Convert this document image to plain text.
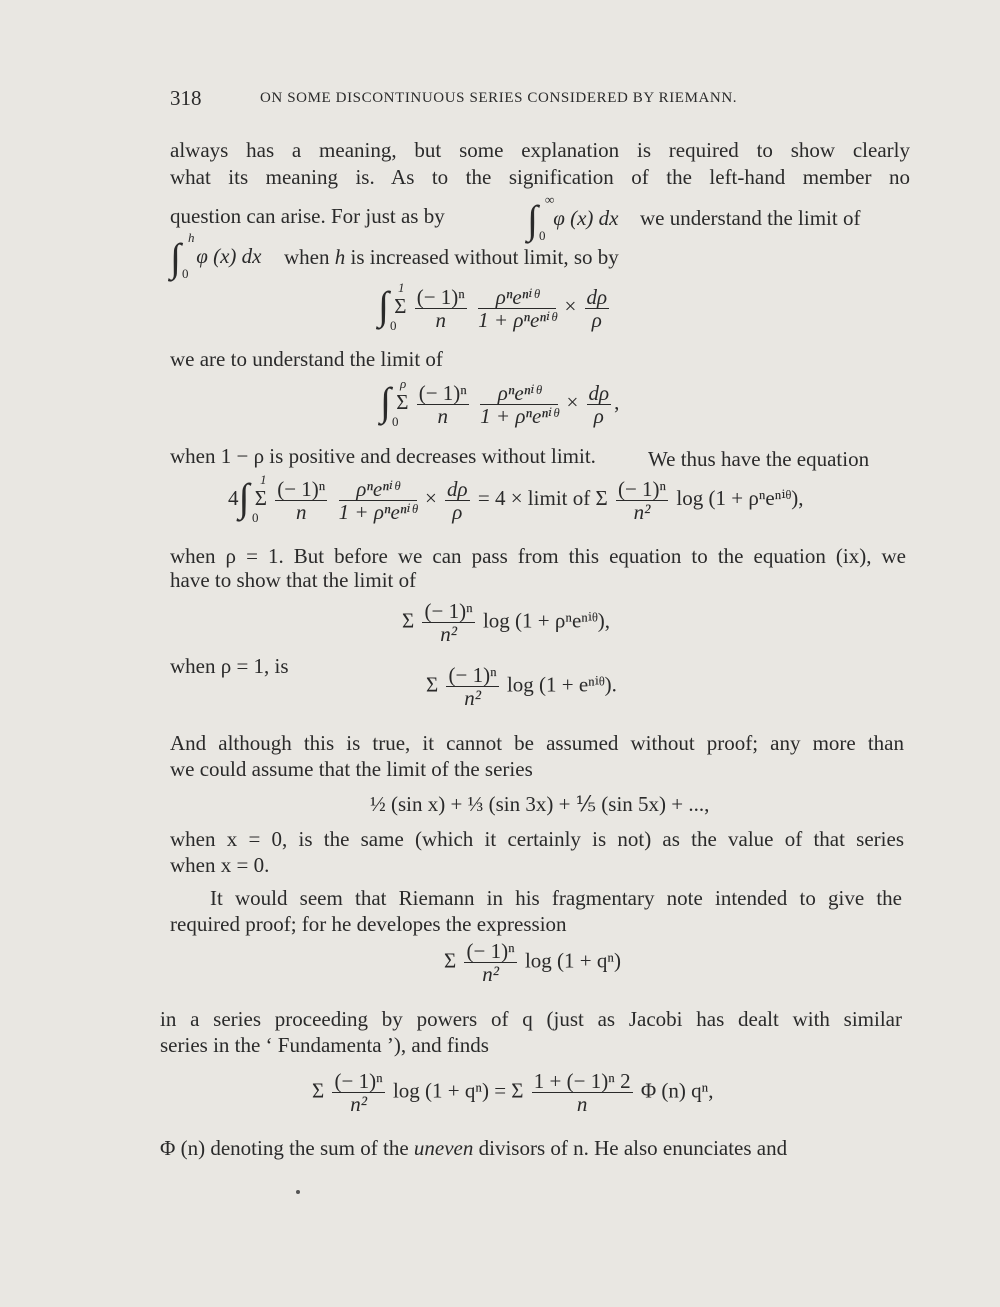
318	ON SOME DISCONTINUOUS SERIES CONSIDERED BY RIEMANN.
always has a meaning, but some explanation is required to show clearly
what its meaning is. As to the signification of the left-hand member no
question can arise. For just as by ∫ ∞
0
φ (x) dx we understand the limit of
∫ h
0
φ (x) dx when h is increased without limit, so by
∫ 1
0
Σ $\frac{\text{(− 1)ⁿ}}{n}$
$\frac{\text{ρⁿeⁿⁱᶿ}}{\text{1 + ρⁿeⁿⁱᶿ}} \times \frac{d\rho}{\rho}$
we are to understand the limit of
∫ ρ
0
Σ $\frac{\text{(− 1)ⁿ}}{n}$
$\frac{\text{ρⁿeⁿⁱᶿ}}{\text{1 + ρⁿeⁿⁱᶿ}} \times \frac{d\rho}{\rho}$ ,
when 1 − ρ is positive and decreases without limit. We thus have the equation
4∫ 1
0
Σ $\frac{\text{(− 1)ⁿ}}{n}$
$\frac{\text{ρⁿeⁿⁱᶿ}}{\text{1 + ρⁿeⁿⁱᶿ}} \times \frac{d\rho}{\rho} = 4$ × limit of Σ $\frac{\text{(− 1)ⁿ}}{\text{n²}}$ log (1 + ρⁿeⁿⁱᶿ),
when ρ = 1. But before we can pass from this equation to the equation (ix), we
have to show that the limit of
Σ $\frac{\text{(− 1)ⁿ}}{\text{n²}}$ log (1 + ρⁿeⁿⁱᶿ),
when ρ = 1, is
Σ $\frac{\text{(− 1)ⁿ}}{\text{n²}}$ log (1 + eⁿⁱᶿ).
And although this is true, it cannot be assumed without proof; any more than
we could assume that the limit of the series
½ (sin x) + ⅓ (sin 3x) + ⅕ (sin 5x) + ...,
when x = 0, is the same (which it certainly is not) as the value of that series
when x = 0.
It would seem that Riemann in his fragmentary note intended to give the
required proof; for he developes the expression
Σ $\frac{\text{(− 1)ⁿ}}{\text{n²}}$ log (1 + qⁿ)
in a series proceeding by powers of q (just as Jacobi has dealt with similar
series in the ‘ Fundamenta ’), and finds
Σ $\frac{\text{(− 1)ⁿ}}{\text{n²}}$ log (1 + qⁿ) = Σ $\frac{\text{1 + (− 1)ⁿ 2}}{n}$ Φ (n) qⁿ,
Φ (n) denoting the sum of the uneven divisors of n. He also enunciates and
